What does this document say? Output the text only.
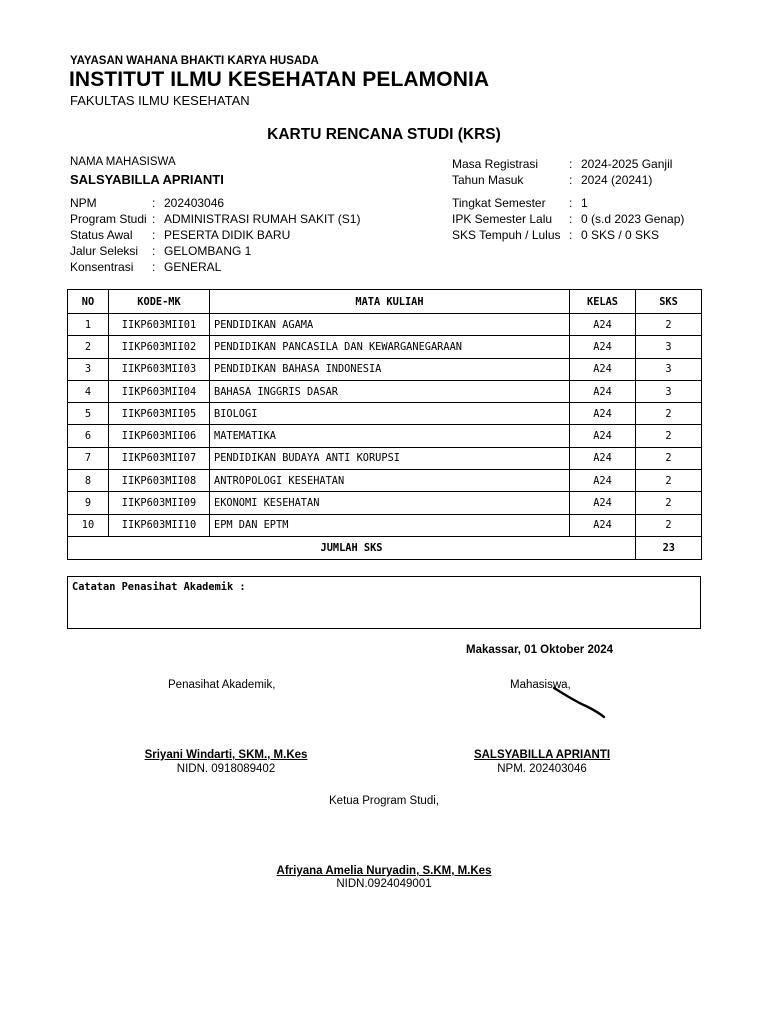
YAYASAN WAHANA BHAKTI KARYA HUSADA
INSTITUT ILMU KESEHATAN PELAMONIA
FAKULTAS ILMU KESEHATAN
KARTU RENCANA STUDI (KRS)
NAMA MAHASISWA
SALSYABILLA APRIANTI
NPM	: 202403046
Program Studi : ADMINISTRASI RUMAH SAKIT (S1)
Status Awal : PESERTA DIDIK BARU
Jalur Seleksi : GELOMBANG 1
Konsentrasi : GENERAL
Masa Registrasi	: 2024-2025 Ganjil
Tahun Masuk	: 2024 (20241)
Tingkat Semester : 1
IPK Semester Lalu : 0 (s.d 2023 Genap)
SKS Tempuh / Lulus : 0 SKS / 0 SKS
NO	KODE-MK	MATA KULIAH	KELAS	SKS
1	IIKP603MII01	PENDIDIKAN AGAMA	A24	2
2	IIKP603MII02	PENDIDIKAN PANCASILA DAN KEWARGANEGARAAN	A24	3
3	IIKP603MII03	PENDIDIKAN BAHASA INDONESIA	A24	3
4	IIKP603MII04	BAHASA INGGRIS DASAR	A24	3
5	IIKP603MII05	BIOLOGI	A24	2
6	IIKP603MII06	MATEMATIKA	A24	2
7	IIKP603MII07	PENDIDIKAN BUDAYA ANTI KORUPSI	A24	2
8	IIKP603MII08	ANTROPOLOGI KESEHATAN	A24	2
9	IIKP603MII09	EKONOMI KESEHATAN	A24	2
10	IIKP603MII10	EPM DAN EPTM	A24	2
JUMLAH SKS				23
Catatan Penasihat Akademik :
Makassar, 01 Oktober 2024
Penasihat Akademik,	Mahasiswa,
Sriyani Windarti, SKM., M.Kes
NIDN. 0918089402
SALSYABILLA APRIANTI
NPM. 202403046
Ketua Program Studi,
Afriyana Amelia Nuryadin, S.KM, M.Kes
NIDN.0924049001
